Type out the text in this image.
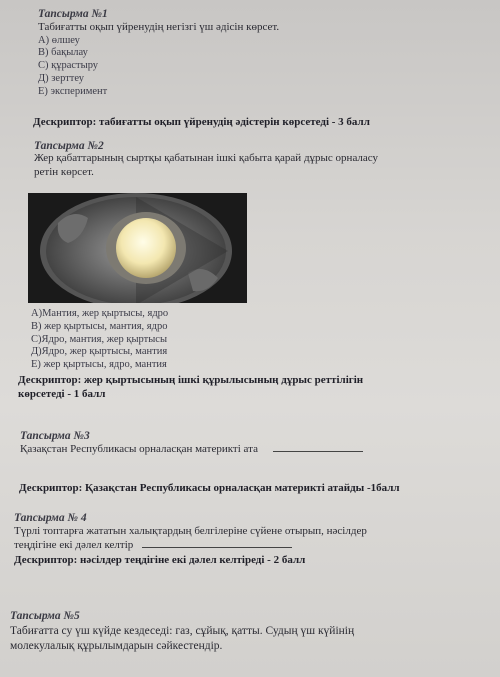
Тапсырма №1
Табиғатты оқып үйренудің негізгі үш әдісін көрсет.
А) өлшеу
В) бақылау
С) құрастыру
Д) зерттеу
Е) эксперимент
Дескриптор: табиғатты оқып үйренудің әдістерін көрсетеді - 3 балл
Тапсырма №2
Жер қабаттарының сыртқы қабатынан ішкі қабыта қарай дұрыс орналасу
ретін көрсет.
А)Мантия, жер қыртысы, ядро
В) жер қыртысы, мантия, ядро
С)Ядро, мантия, жер қыртысы
Д)Ядро, жер қыртысы, мантия
Е) жер қыртысы, ядро, мантия
Дескриптор: жер қыртысының ішкі құрылысының дұрыс реттілігін
көрсетеді - 1 балл
Тапсырма №3
Қазақстан Республикасы орналасқан материкті ата
Дескриптор: Қазақстан Республикасы орналасқан материкті атайды -1балл
Тапсырма № 4
Түрлі топтарға жататын халықтардың белгілеріне сүйене отырып, нәсілдер
теңдігіне екі дәлел келтір
Дескриптор: нәсілдер теңдігіне екі дәлел келтіреді - 2 балл
Тапсырма №5
Табиғатта су үш күйде кездеседі: газ, сұйық, қатты. Судың үш күйінің
молекулалық құрылымдарын сәйкестендір.
